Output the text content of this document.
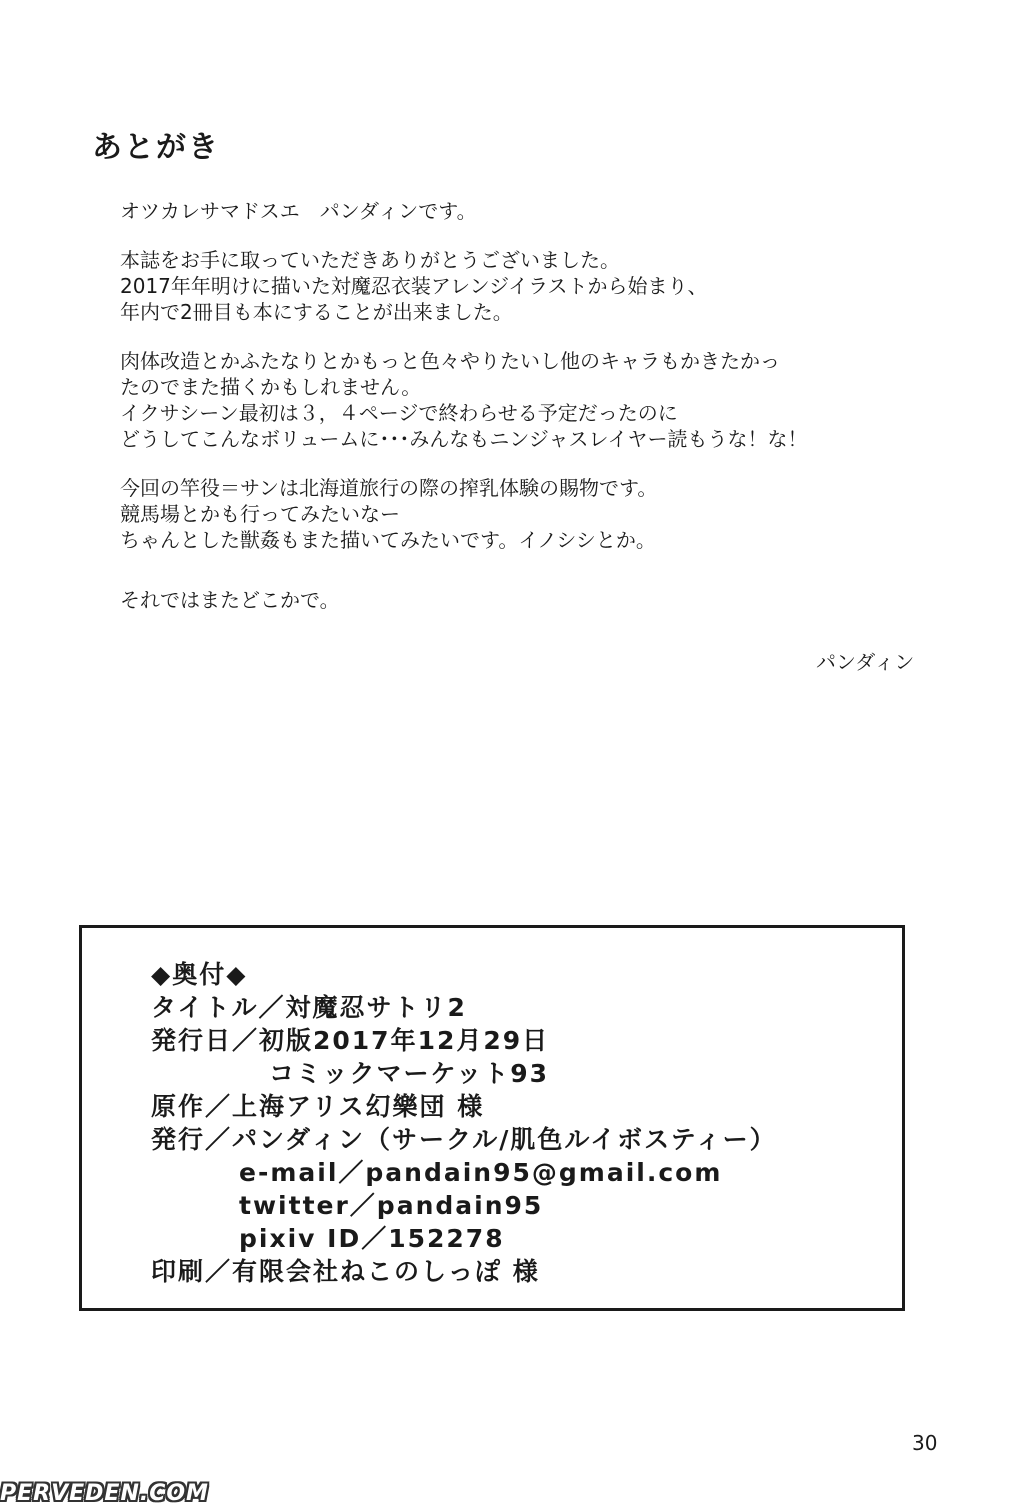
あとがき
オツカレサマドスエ　パンダィンです。
本誌をお手に取っていただきありがとうございました。
2017年年明けに描いた対魔忍衣装アレンジイラストから始まり、
年内で2冊目も本にすることが出来ました。
肉体改造とかふたなりとかもっと色々やりたいし他のキャラもかきたかっ
たのでまた描くかもしれません。
イクサシーン最初は３，４ページで終わらせる予定だったのに
どうしてこんなボリュームに･･･みんなもニンジャスレイヤー読もうな！な！
今回の竿役＝サンは北海道旅行の際の搾乳体験の賜物です。
競馬場とかも行ってみたいなー
ちゃんとした獣姦もまた描いてみたいです。イノシシとか。
それではまたどこかで。
パンダィン
◆奥付◆
タイトル／対魔忍サトリ2
発行日／初版2017年12月29日
コミックマーケット93
原作／上海アリス幻樂団 様
発行／パンダィン（サークル/肌色ルイボスティー）
e-mail／pandain95@gmail.com
twitter／pandain95
pixiv ID／152278
印刷／有限会社ねこのしっぽ 様
30
PERVEDEN.COM
